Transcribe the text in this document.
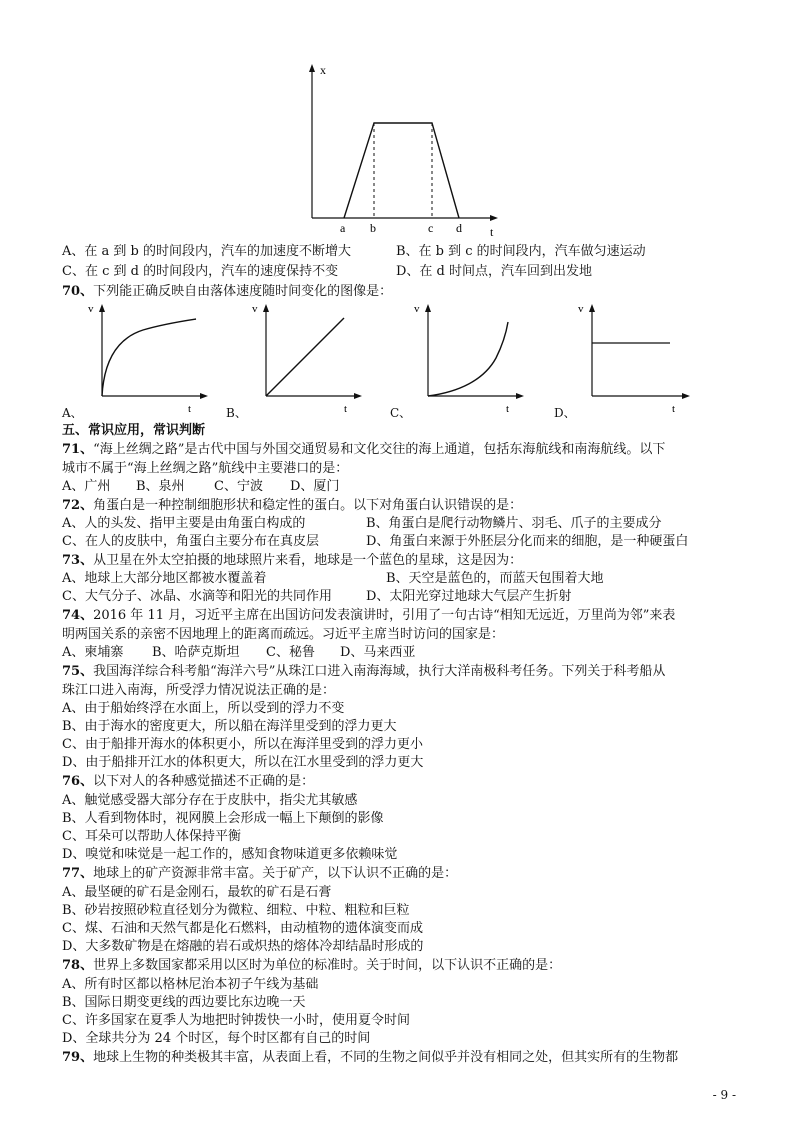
x
t
a b	c d
A、在 a 到 b 的时间段内，汽车的加速度不断增大	B、在 b 到 c 的时间段内，汽车做匀速运动
C、在 c 到 d 的时间段内，汽车的速度保持不变	D、在 d 时间点，汽车回到出发地
70、下列能正确反映自由落体速度随时间变化的图像是：
v
t
A、
v
t
B、
v
t
C、
v
t
D、
五、常识应用，常识判断
71、“海上丝绸之路”是古代中国与外国交通贸易和文化交往的海上通道，包括东海航线和南海航线。以下
城市不属于“海上丝绸之路”航线中主要港口的是：
A、广州 B、泉州 C、宁波 D、厦门
72、角蛋白是一种控制细胞形状和稳定性的蛋白。以下对角蛋白认识错误的是：
A、人的头发、指甲主要是由角蛋白构成的	B、角蛋白是爬行动物鳞片、羽毛、爪子的主要成分
C、在人的皮肤中，角蛋白主要分布在真皮层	D、角蛋白来源于外胚层分化而来的细胞，是一种硬蛋白
73、从卫星在外太空拍摄的地球照片来看，地球是一个蓝色的星球，这是因为：
A、地球上大部分地区都被水覆盖着	B、天空是蓝色的，而蓝天包围着大地
C、大气分子、冰晶、水滴等和阳光的共同作用	D、太阳光穿过地球大气层产生折射
74、2016 年 11 月，习近平主席在出国访问发表演讲时，引用了一句古诗“相知无远近，万里尚为邻”来表
明两国关系的亲密不因地理上的距离而疏远。习近平主席当时访问的国家是：
A、柬埔寨 B、哈萨克斯坦 C、秘鲁 D、马来西亚
75、我国海洋综合科考船“海洋六号”从珠江口进入南海海域，执行大洋南极科考任务。下列关于科考船从
珠江口进入南海，所受浮力情况说法正确的是：
A、由于船始终浮在水面上，所以受到的浮力不变
B、由于海水的密度更大，所以船在海洋里受到的浮力更大
C、由于船排开海水的体积更小，所以在海洋里受到的浮力更小
D、由于船排开江水的体积更大，所以在江水里受到的浮力更大
76、以下对人的各种感觉描述不正确的是：
A、触觉感受器大部分存在于皮肤中，指尖尤其敏感
B、人看到物体时，视网膜上会形成一幅上下颠倒的影像
C、耳朵可以帮助人体保持平衡
D、嗅觉和味觉是一起工作的，感知食物味道更多依赖味觉
77、地球上的矿产资源非常丰富。关于矿产，以下认识不正确的是：
A、最坚硬的矿石是金刚石，最软的矿石是石膏
B、砂岩按照砂粒直径划分为微粒、细粒、中粒、粗粒和巨粒
C、煤、石油和天然气都是化石燃料，由动植物的遗体演变而成
D、大多数矿物是在熔融的岩石或炽热的熔体冷却结晶时形成的
78、世界上多数国家都采用以区时为单位的标准时。关于时间，以下认识不正确的是：
A、所有时区都以格林尼治本初子午线为基础
B、国际日期变更线的西边要比东边晚一天
C、许多国家在夏季人为地把时钟拨快一小时，使用夏令时间
D、全球共分为 24 个时区，每个时区都有自己的时间
79、地球上生物的种类极其丰富，从表面上看，不同的生物之间似乎并没有相同之处，但其实所有的生物都
- 9 -
